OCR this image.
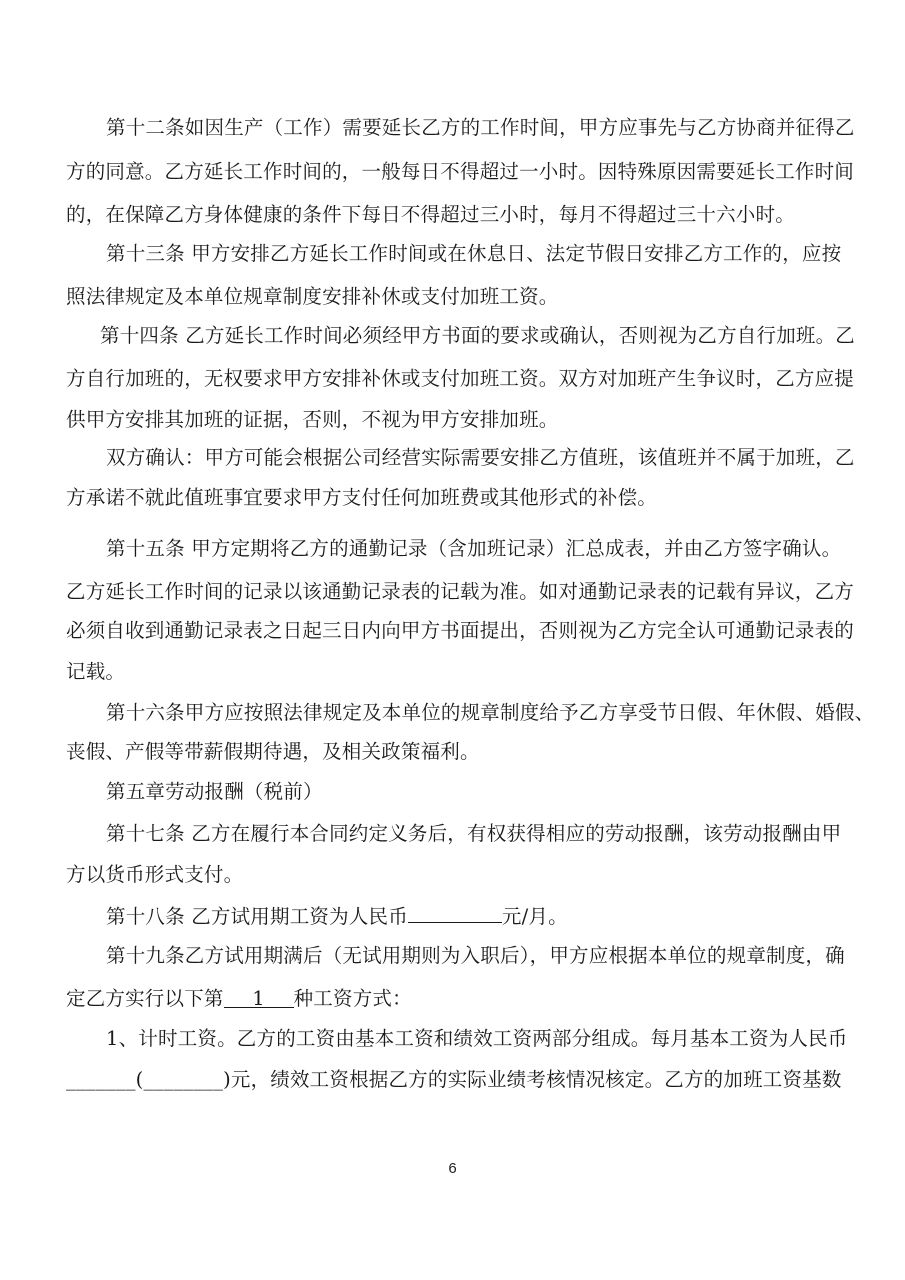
第十二条如因生产（工作）需要延长乙方的工作时间，甲方应事先与乙方协商并征得乙
方的同意。乙方延长工作时间的，一般每日不得超过一小时。因特殊原因需要延长工作时间
的，在保障乙方身体健康的条件下每日不得超过三小时，每月不得超过三十六小时。
第十三条 甲方安排乙方延长工作时间或在休息日、法定节假日安排乙方工作的，应按
照法律规定及本单位规章制度安排补休或支付加班工资。
第十四条 乙方延长工作时间必须经甲方书面的要求或确认，否则视为乙方自行加班。乙
方自行加班的，无权要求甲方安排补休或支付加班工资。双方对加班产生争议时，乙方应提
供甲方安排其加班的证据，否则，不视为甲方安排加班。
双方确认：甲方可能会根据公司经营实际需要安排乙方值班，该值班并不属于加班，乙
方承诺不就此值班事宜要求甲方支付任何加班费或其他形式的补偿。
第十五条 甲方定期将乙方的通勤记录（含加班记录）汇总成表，并由乙方签字确认。
乙方延长工作时间的记录以该通勤记录表的记载为准。如对通勤记录表的记载有异议，乙方
必须自收到通勤记录表之日起三日内向甲方书面提出，否则视为乙方完全认可通勤记录表的
记载。
第十六条甲方应按照法律规定及本单位的规章制度给予乙方享受节日假、年休假、婚假、
丧假、产假等带薪假期待遇，及相关政策福利。
第五章劳动报酬（税前）
第十七条 乙方在履行本合同约定义务后，有权获得相应的劳动报酬，该劳动报酬由甲
方以货币形式支付。
第十八条 乙方试用期工资为人民币	元/月。
第十九条乙方试用期满后（无试用期则为入职后），甲方应根据本单位的规章制度，确
定乙方实行以下第 1 种工资方式：
1、计时工资。乙方的工资由基本工资和绩效工资两部分组成。每月基本工资为人民币
_______(________)元，绩效工资根据乙方的实际业绩考核情况核定。乙方的加班工资基数
6
